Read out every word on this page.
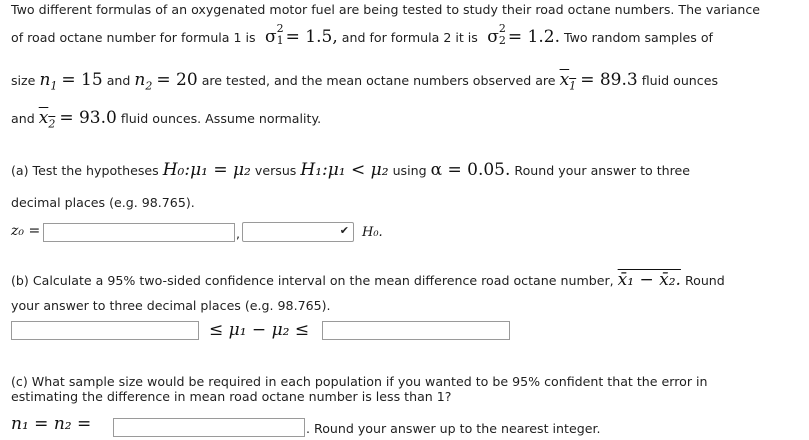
Two different formulas of an oxygenated motor fuel are being tested to study their road octane numbers. The variance
of road octane number for formula 1 is  σ 2
1 = 1.5, and for formula 2 it is  σ 2
2 = 1.2. Two random samples of
size $n_1 = 15$ and $n_2 = 20$ are tested, and the mean octane numbers observed are $x_1 = 89.3$ fluid ounces
and $x_2 = 93.0$ fluid ounces. Assume normality.
(a) Test the hypotheses H₀:μ₁ = μ₂ versus H₁:μ₁ < μ₂ using α = 0.05. Round your answer to three
decimal places (e.g. 98.765).
z₀ =	,	✔ H₀.
(b) Calculate a 95% two-sided confidence interval on the mean difference road octane number, x̄₁ − x̄₂. Round
your answer to three decimal places (e.g. 98.765).
≤ μ₁ − μ₂ ≤
(c) What sample size would be required in each population if you wanted to be 95% confident that the error in
estimating the difference in mean road octane number is less than 1?
n₁ = n₂ =	. Round your answer up to the nearest integer.
